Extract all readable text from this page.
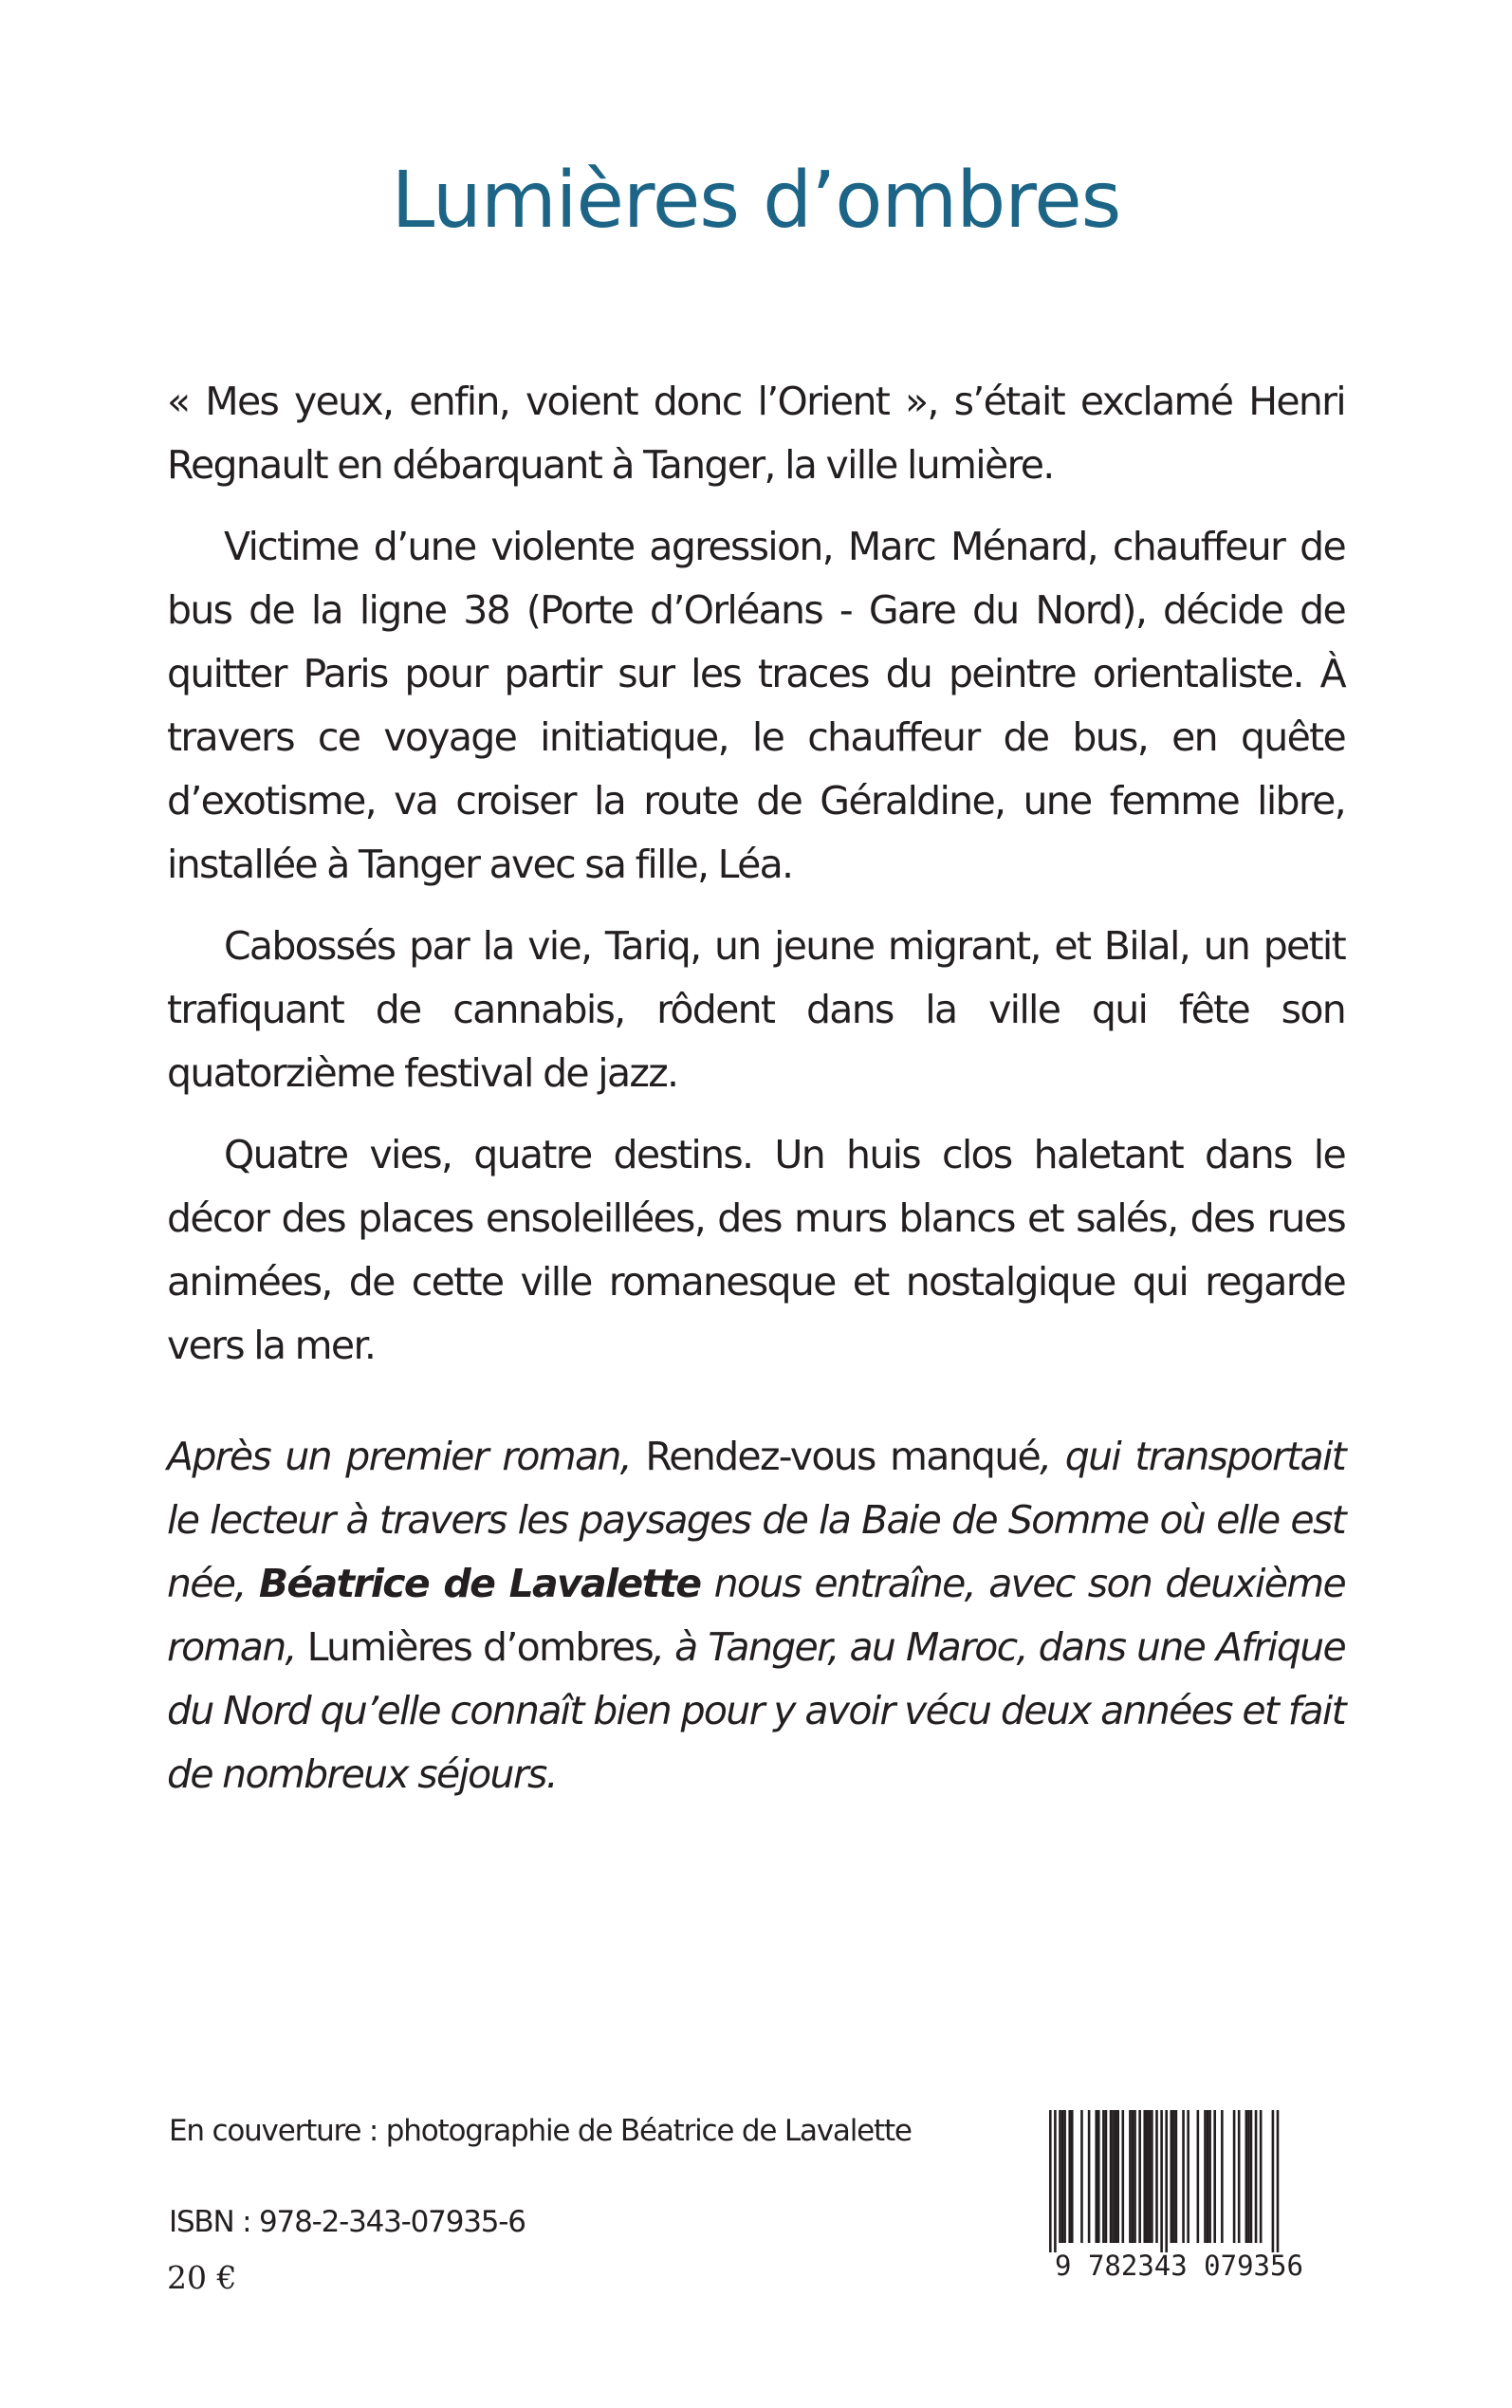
Lumières d’ombres

« Mes yeux, enfin, voient donc l’Orient », s’était exclamé Henri Regnault en débarquant à Tanger, la ville lumière.

Victime d’une violente agression, Marc Ménard, chauffeur de bus de la ligne 38 (Porte d’Orléans - Gare du Nord), décide de quitter Paris pour partir sur les traces du peintre orientaliste. À travers ce voyage initiatique, le chauffeur de bus, en quête d’exotisme, va croiser la route de Géraldine, une femme libre, installée à Tanger avec sa fille, Léa.

Cabossés par la vie, Tariq, un jeune migrant, et Bilal, un petit trafiquant de cannabis, rôdent dans la ville qui fête son quatorzième festival de jazz.

Quatre vies, quatre destins. Un huis clos haletant dans le décor des places ensoleillées, des murs blancs et salés, des rues animées, de cette ville romanesque et nostalgique qui regarde vers la mer.

Après un premier roman, Rendez-vous manqué, qui transportait le lecteur à travers les paysages de la Baie de Somme où elle est née, Béatrice de Lavalette nous entraîne, avec son deuxième roman, Lumières d’ombres, à Tanger, au Maroc, dans une Afrique du Nord qu’elle connaît bien pour y avoir vécu deux années et fait de nombreux séjours.

En couverture : photographie de Béatrice de Lavalette
ISBN : 978-2-343-07935-6
20 €	9 782343 079356
